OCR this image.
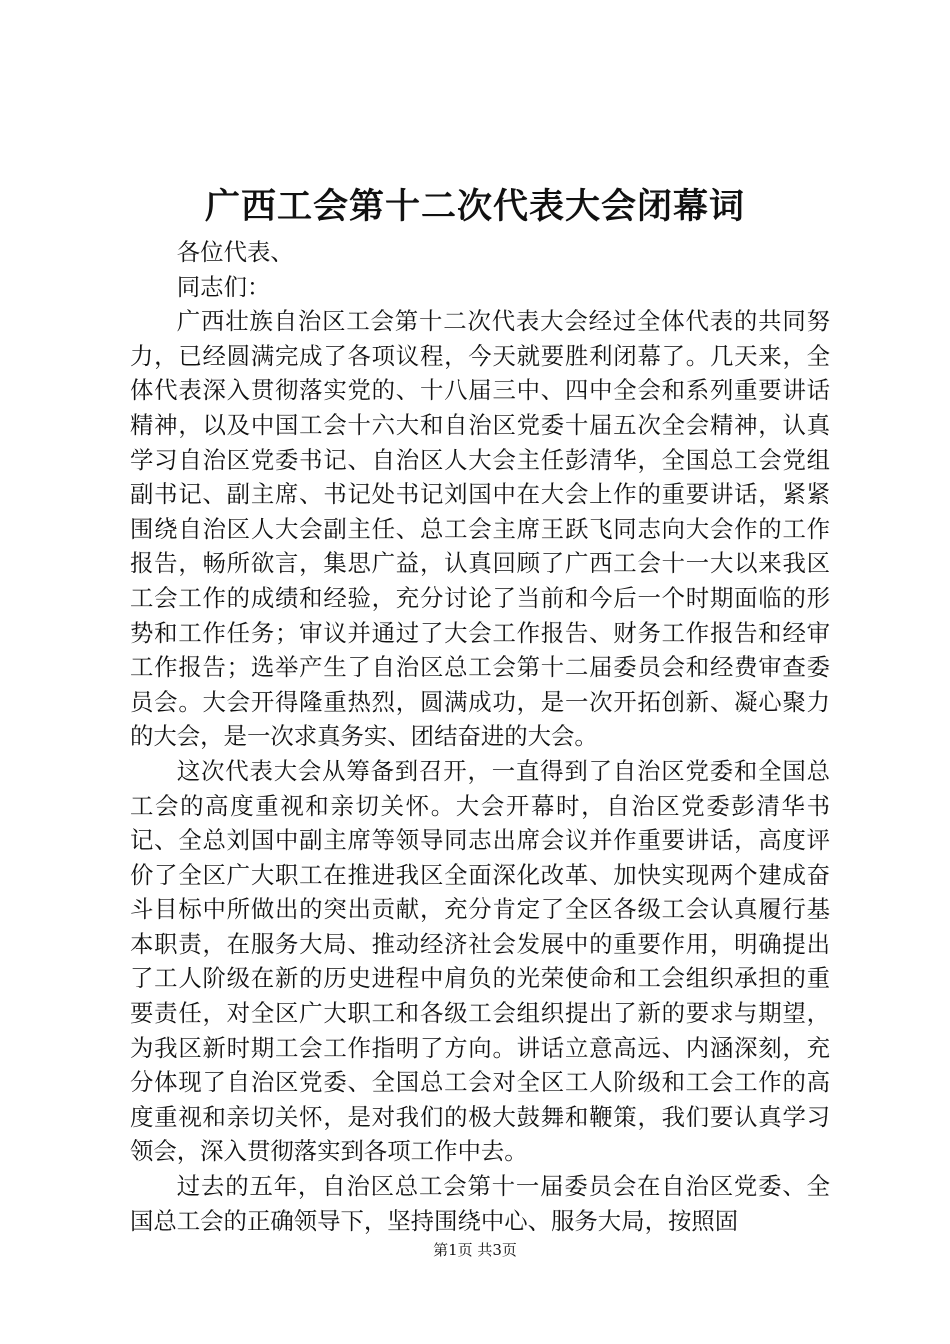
广西工会第十二次代表大会闭幕词

各位代表、

同志们：

广西壮族自治区工会第十二次代表大会经过全体代表的共同努力，已经圆满完成了各项议程，今天就要胜利闭幕了。几天来，全体代表深入贯彻落实党的、十八届三中、四中全会和系列重要讲话精神，以及中国工会十六大和自治区党委十届五次全会精神，认真学习自治区党委书记、自治区人大会主任彭清华，全国总工会党组副书记、副主席、书记处书记刘国中在大会上作的重要讲话，紧紧围绕自治区人大会副主任、总工会主席王跃飞同志向大会作的工作报告，畅所欲言，集思广益，认真回顾了广西工会十一大以来我区工会工作的成绩和经验，充分讨论了当前和今后一个时期面临的形势和工作任务；审议并通过了大会工作报告、财务工作报告和经审工作报告；选举产生了自治区总工会第十二届委员会和经费审查委员会。大会开得隆重热烈，圆满成功，是一次开拓创新、凝心聚力的大会，是一次求真务实、团结奋进的大会。

这次代表大会从筹备到召开，一直得到了自治区党委和全国总工会的高度重视和亲切关怀。大会开幕时，自治区党委彭清华书记、全总刘国中副主席等领导同志出席会议并作重要讲话，高度评价了全区广大职工在推进我区全面深化改革、加快实现两个建成奋斗目标中所做出的突出贡献，充分肯定了全区各级工会认真履行基本职责，在服务大局、推动经济社会发展中的重要作用，明确提出了工人阶级在新的历史进程中肩负的光荣使命和工会组织承担的重要责任，对全区广大职工和各级工会组织提出了新的要求与期望，为我区新时期工会工作指明了方向。讲话立意高远、内涵深刻，充分体现了自治区党委、全国总工会对全区工人阶级和工会工作的高度重视和亲切关怀，是对我们的极大鼓舞和鞭策，我们要认真学习领会，深入贯彻落实到各项工作中去。

过去的五年，自治区总工会第十一届委员会在自治区党委、全国总工会的正确领导下，坚持围绕中心、服务大局，按照固

第1页 共3页
